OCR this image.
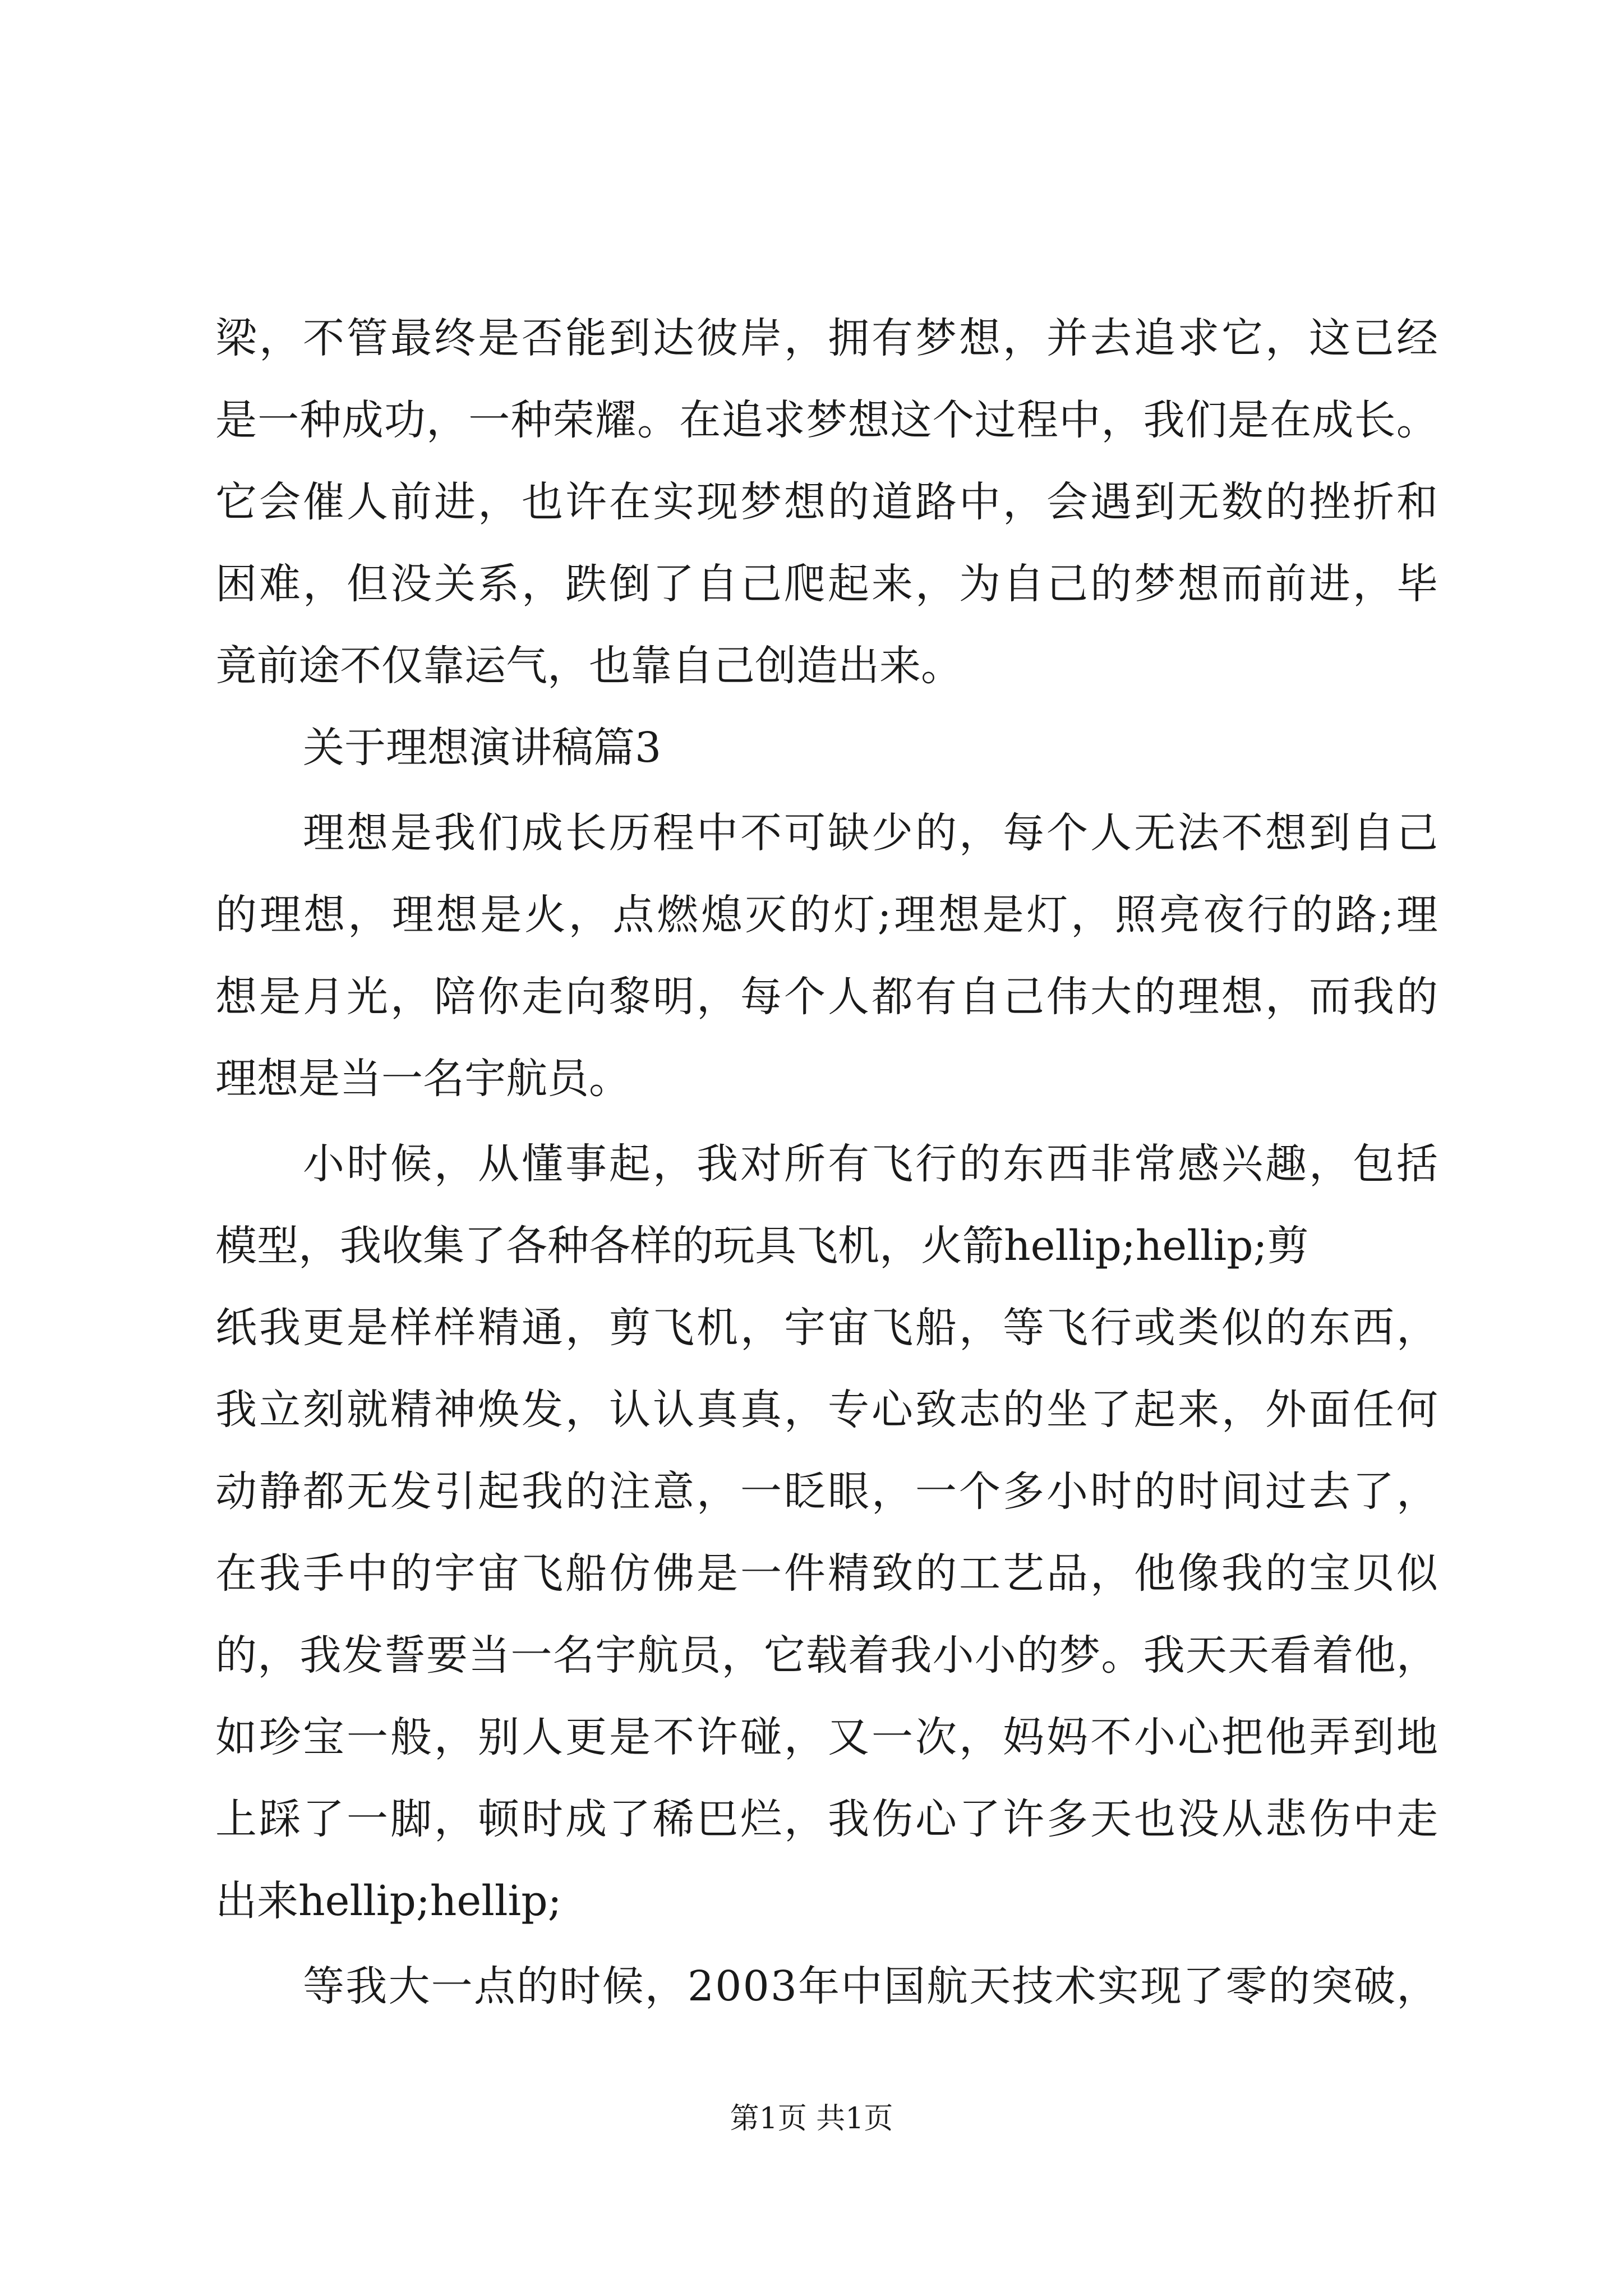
梁，不管最终是否能到达彼岸，拥有梦想，并去追求它，这已经
是一种成功，一种荣耀。在追求梦想这个过程中，我们是在成长。
它会催人前进，也许在实现梦想的道路中，会遇到无数的挫折和
困难，但没关系，跌倒了自己爬起来，为自己的梦想而前进，毕
竟前途不仅靠运气，也靠自己创造出来。
关于理想演讲稿篇3
理想是我们成长历程中不可缺少的，每个人无法不想到自己
的理想，理想是火，点燃熄灭的灯;理想是灯，照亮夜行的路;理
想是月光，陪你走向黎明，每个人都有自己伟大的理想，而我的
理想是当一名宇航员。
小时候，从懂事起，我对所有飞行的东西非常感兴趣，包括
模型，我收集了各种各样的玩具飞机，火箭hellip;hellip;剪
纸我更是样样精通，剪飞机，宇宙飞船，等飞行或类似的东西，
我立刻就精神焕发，认认真真，专心致志的坐了起来，外面任何
动静都无发引起我的注意，一眨眼，一个多小时的时间过去了，
在我手中的宇宙飞船仿佛是一件精致的工艺品，他像我的宝贝似
的，我发誓要当一名宇航员，它载着我小小的梦。我天天看着他，
如珍宝一般，别人更是不许碰，又一次，妈妈不小心把他弄到地
上踩了一脚，顿时成了稀巴烂，我伤心了许多天也没从悲伤中走
出来hellip;hellip;
等我大一点的时候，2003年中国航天技术实现了零的突破，
第1页 共1页
